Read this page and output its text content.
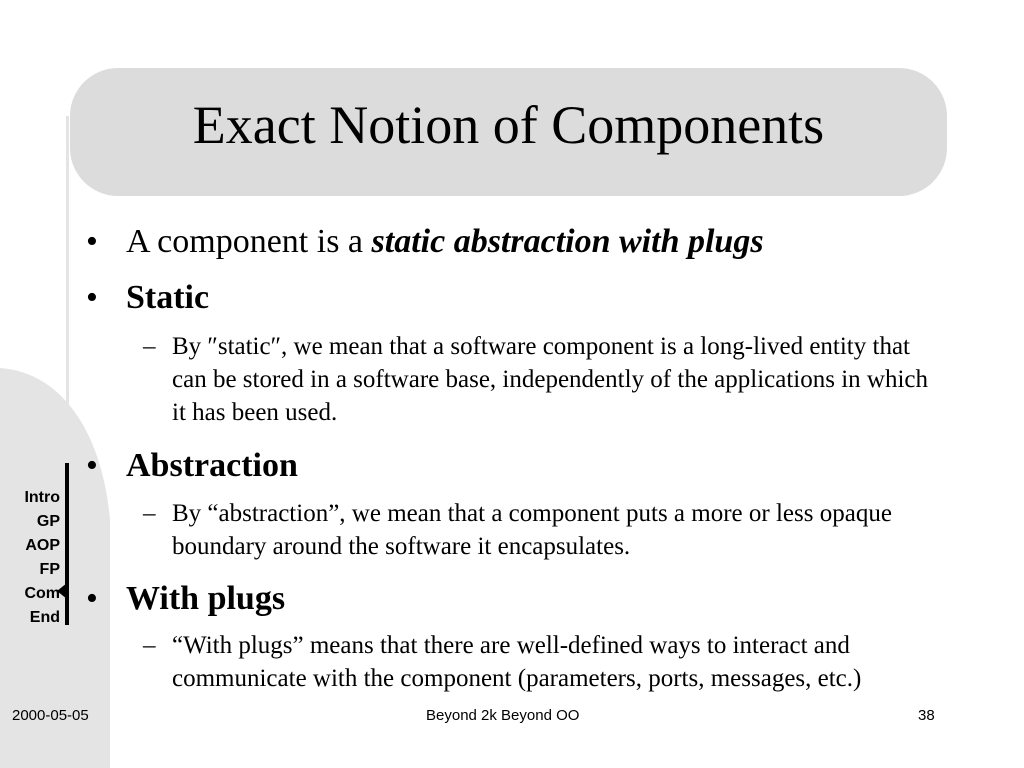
Exact Notion of Components
• A component is a static abstraction with plugs
• Static
– By ″static″, we mean that a software component is a long-lived entity that can be stored in a software base, independently of the applications in which it has been used.
• Abstraction
– By “abstraction”, we mean that a component puts a more or less opaque boundary around the software it encapsulates.
• With plugs
– “With plugs” means that there are well-defined ways to interact and communicate with the component (parameters, ports, messages, etc.)
Intro
GP
AOP
FP
Com
End
2000-05-05	Beyond 2k Beyond OO	38
